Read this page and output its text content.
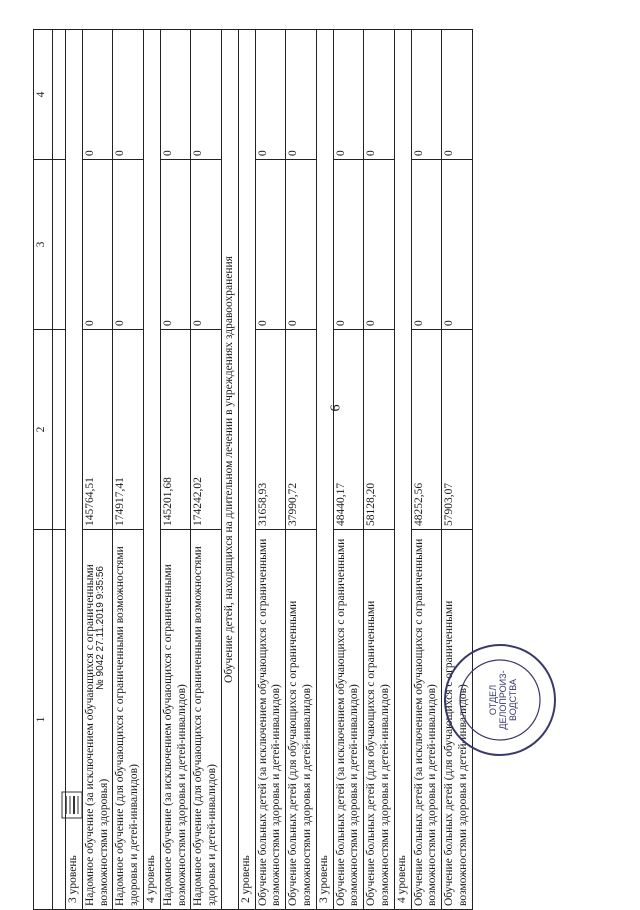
6
1	2	3	4

3 уровень			
Надомное обучение (за исключением обучающихся с ограниченными возможностями здоровья)	145764,51	0	0
Надомное обучение (для обучающихся с ограниченными возможностями здоровья и детей-инвалидов)	174917,41	0	0
4 уровень			
Надомное обучение (за исключением обучающихся с ограниченными возможностями здоровья и детей-инвалидов)	145201,68	0	0
Надомное обучение (для обучающихся с ограниченными возможностями здоровья и детей-инвалидов)	174242,02	0	0
Обучение детей, находящихся на длительном лечении в учреждениях здравоохранения			
2 уровень			
Обучение больных детей (за исключением обучающихся с ограниченными возможностями здоровья и детей-инвалидов)	31658,93	0	0
Обучение больных детей (для обучающихся с ограниченными возможностями здоровья и детей-инвалидов)	37990,72	0	0
3 уровень			
Обучение больных детей (за исключением обучающихся с ограниченными возможностями здоровья и детей-инвалидов)	48440,17	0	0
Обучение больных детей (для обучающихся с ограниченными возможностями здоровья и детей-инвалидов)	58128,20	0	0
4 уровень			
Обучение больных детей (за исключением обучающихся с ограниченными возможностями здоровья и детей-инвалидов)	48252,56	0	0
Обучение больных детей (для обучающихся с ограниченными возможностями здоровья и детей-инвалидов)	57903,07	0	0
ОТДЕЛ ДЕЛОПРОИЗ- ВОДСТВА
№ 9042 27.11.2019 9:35:56
